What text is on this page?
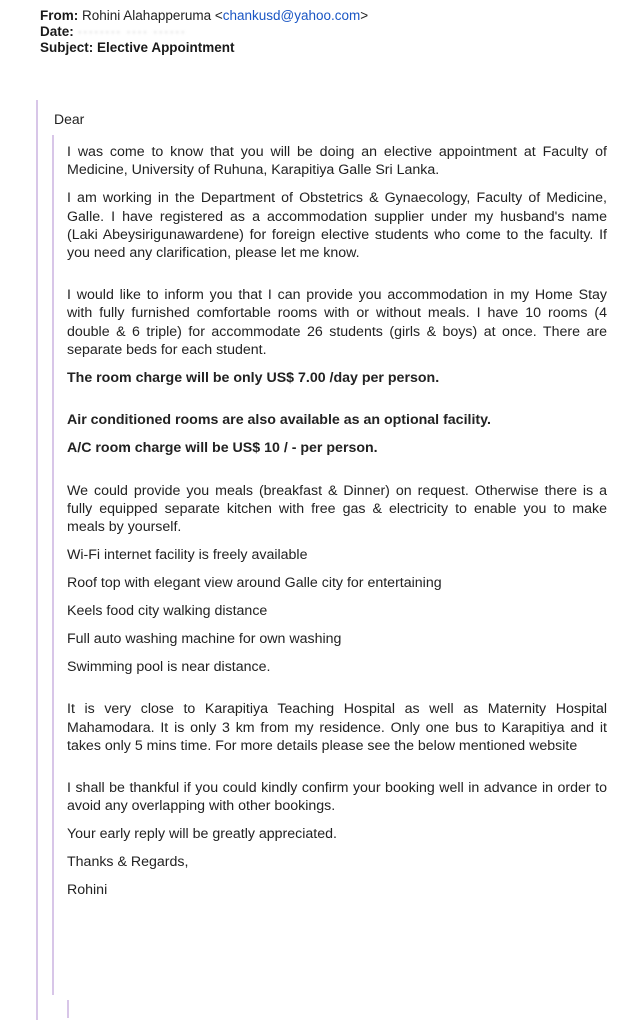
From: Rohini Alahapperuma <chankusd@yahoo.com>
Date: ········ ···· ······
Subject: Elective Appointment
Dear

I was come to know that you will be doing an elective appointment at Faculty of Medicine, University of Ruhuna, Karapitiya Galle Sri Lanka.

I am working in the Department of Obstetrics & Gynaecology, Faculty of Medicine, Galle. I have registered as a accommodation supplier under my husband's name (Laki Abeysirigunawardene) for foreign elective students who come to the faculty. If you need any clarification, please let me know.

I would like to inform you that I can provide you accommodation in my Home Stay with fully furnished comfortable rooms with or without meals. I have 10 rooms (4 double & 6 triple) for accommodate 26 students (girls & boys) at once. There are separate beds for each student.

The room charge will be only US$ 7.00 /day per person.

Air conditioned rooms are also available as an optional facility.

A/C room charge will be US$ 10 / - per person.

We could provide you meals (breakfast & Dinner) on request. Otherwise there is a fully equipped separate kitchen with free gas & electricity to enable you to make meals by yourself.

Wi-Fi internet facility is freely available

Roof top with elegant view around Galle city for entertaining

Keels food city walking distance

Full auto washing machine for own washing

Swimming pool is near distance.

It is very close to Karapitiya Teaching Hospital as well as Maternity Hospital Mahamodara. It is only 3 km from my residence. Only one bus to Karapitiya and it takes only 5 mins time. For more details please see the below mentioned website

I shall be thankful if you could kindly confirm your booking well in advance in order to avoid any overlapping with other bookings.

Your early reply will be greatly appreciated.

Thanks & Regards,

Rohini
